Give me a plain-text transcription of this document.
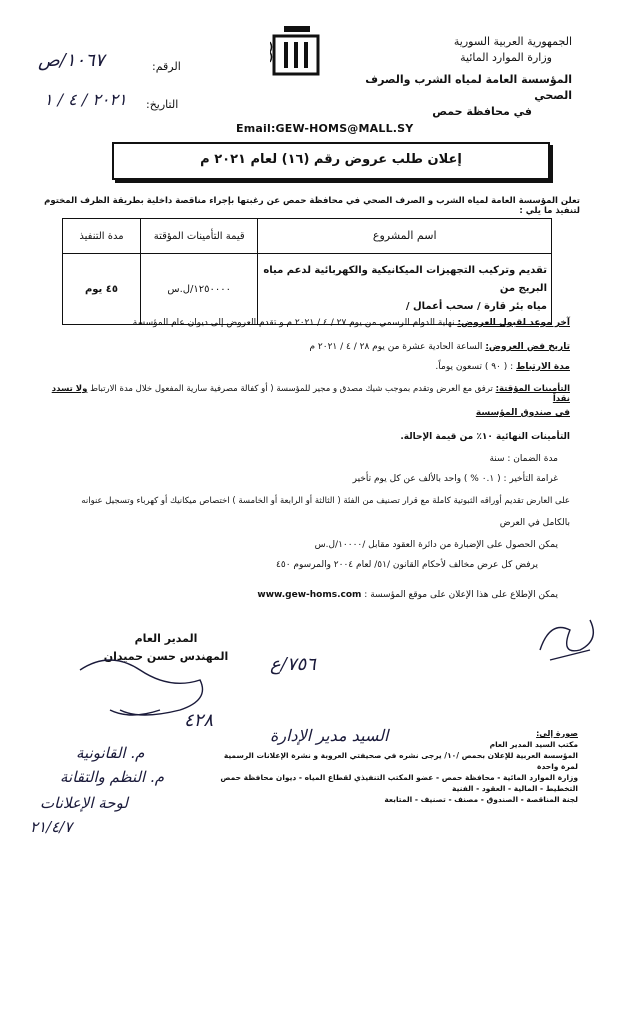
الجمهورية العربية السورية
وزارة الموارد المائية
المؤسسة العامة لمياه الشرب والصرف الصحي
في محافظة حمص
الرقم:
١٠٦٧/ص
التاريخ:
٢٠٢١ / ٤ / ١
Email:GEW-HOMS@MALL.SY
إعلان طلب عروض رقم (١٦) لعام ٢٠٢١ م
تعلن المؤسسة العامة لمياه الشرب و الصرف الصحي في محافظة حمص عن رغبتها بإجراء مناقصة داخلية بطريقة الظرف المختوم لتنفيذ ما يلي :
اسم المشروع	قيمة التأمينات المؤقتة	مدة التنفيذ

تقديم وتركيب التجهيزات الميكانيكية والكهربائية لدعم مياه البريج من
مياه بئر قارة / سحب أعمال /	١٢٥٠٠٠٠/ل.س	٤٥ يوم
آخر موعد لقبول العروض: نهاية الدوام الرسمي من يوم ٢٧ / ٤ / ٢٠٢١ م و تقدم العروض إلى ديوان عام المؤسسة
تاريخ فض العروض: الساعة الحادية عشرة من يوم ٢٨ / ٤ / ٢٠٢١ م
مدة الارتباط : ( ٩٠ ) تسعون يوماً.
التأمينات المؤقتة: ترفق مع العرض وتقدم بموجب شيك مصدق و مجير للمؤسسة ( أو كفالة مصرفية سارية المفعول خلال مدة الارتباط ولا تسدد نقداً
في صندوق المؤسسة
التأمينات النهائية ١٠٪ من قيمة الإحالة.
مدة الضمان : سنة
غرامة التأخير : ( ٠.١ % ) واحد بالألف عن كل يوم تأخير
على العارض تقديم أوراقه الثبوتية كاملة مع قرار تصنيف من الفئة ( الثالثة أو الرابعة أو الخامسة ) اختصاص ميكانيك أو كهرباء وتسجيل عنوانه
بالكامل في العرض
يمكن الحصول على الإضبارة من دائرة العقود مقابل /١٠٠٠٠/ل.س
يرفض كل عرض مخالف لأحكام القانون /٥١/ لعام ٢٠٠٤ والمرسوم ٤٥٠
يمكن الإطلاع على هذا الإعلان على موقع المؤسسة : www.gew-homs.com
المدير العام
المهندس حسن حميدان	٧٥٦/ع
٤٢٨
السيد مدير الإدارة
م. القانونية
م. النظم والتقانة
لوحة الإعلانات
٢١/٤/٧
صورة إلى:
مكتب السيد المدير العام
المؤسسة العربية للإعلان بحمص /١٠/ يرجى نشره في صحيفتي العروبة و نشرة الإعلانات الرسمية لمرة واحدة
وزارة الموارد المائية - محافظة حمص - عضو المكتب التنفيذي لقطاع المياه - ديوان محافظة حمص التخطيط - المالية - العقود - الفنية
لجنة المناقصة - الصندوق - مصنف - تصنيف - المتابعة
